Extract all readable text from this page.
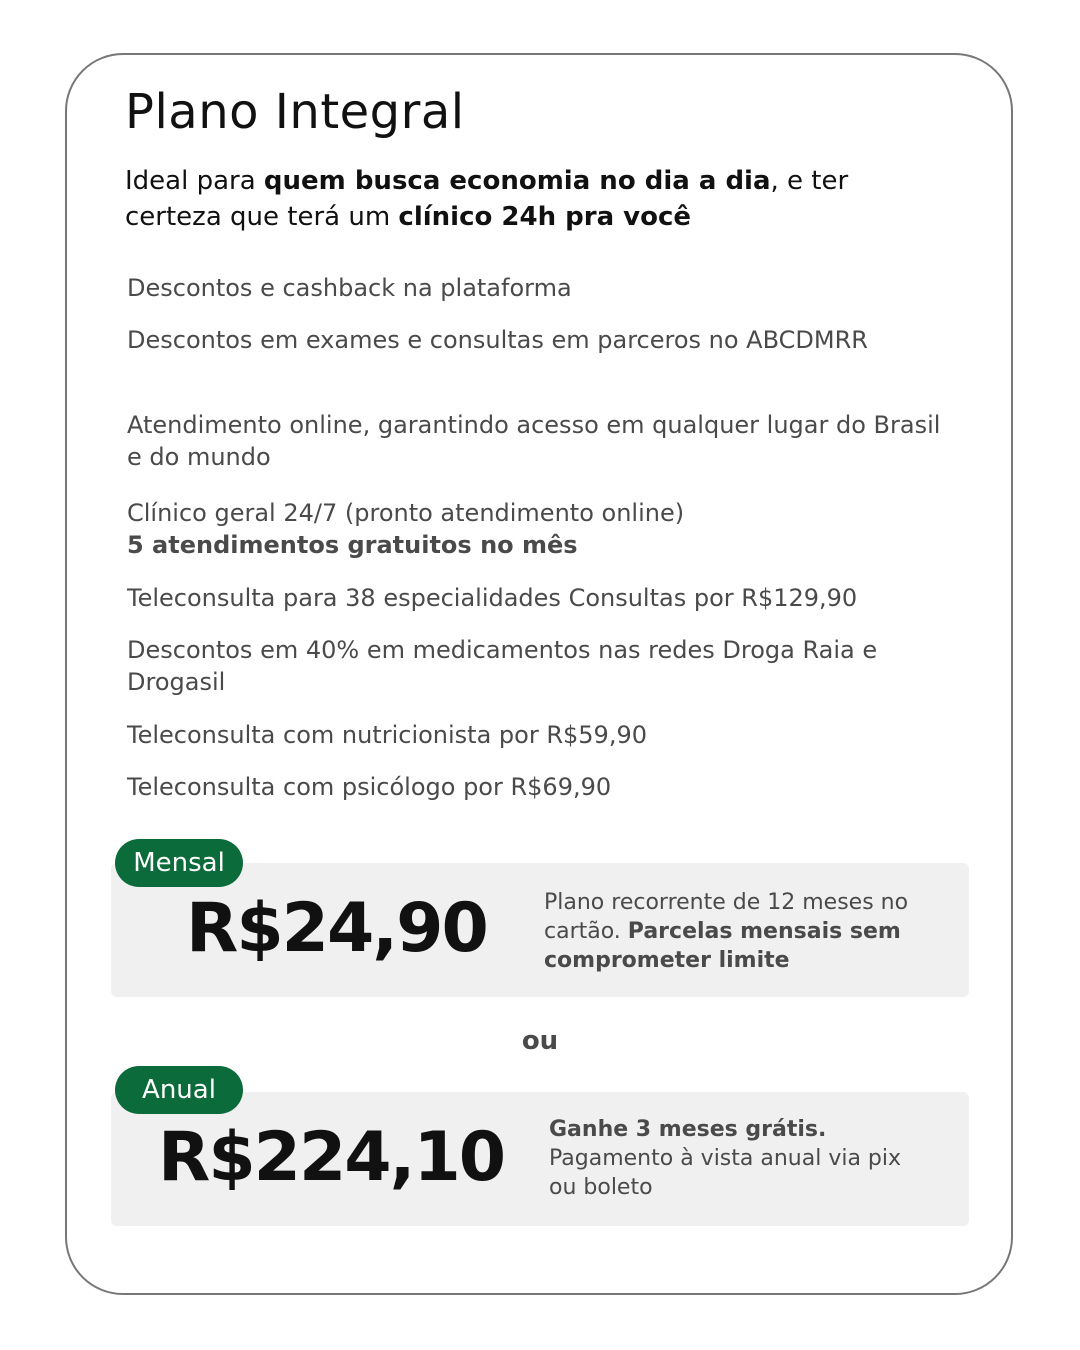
Plano Integral

Ideal para quem busca economia no dia a dia, e ter certeza que terá um clínico 24h pra você

Descontos e cashback na plataforma

Descontos em exames e consultas em parceros no ABCDMRR

Atendimento online, garantindo acesso em qualquer lugar do Brasil e do mundo

Clínico geral 24/7 (pronto atendimento online)
5 atendimentos gratuitos no mês

Teleconsulta para 38 especialidades Consultas por R$129,90

Descontos em 40% em medicamentos nas redes Droga Raia e Drogasil

Teleconsulta com nutricionista por R$59,90

Teleconsulta com psicólogo por R$69,90

Mensal
R$24,90	Plano recorrente de 12 meses no cartão. Parcelas mensais sem comprometer limite

ou
Anual
R$224,10 Ganhe 3 meses grátis.
Pagamento à vista anual via pix ou boleto
